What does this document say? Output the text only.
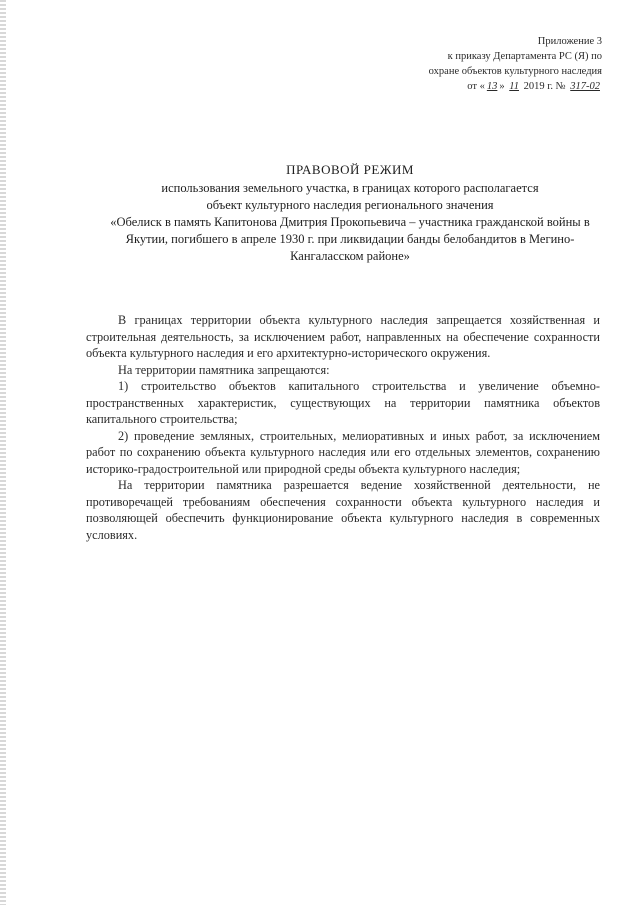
Приложение 3
к приказу Департамента РС (Я) по
охране объектов культурного наследия
от « 13 » 11 2019 г. № 317-02
ПРАВОВОЙ РЕЖИМ
использования земельного участка, в границах которого располагается
объект культурного наследия регионального значения
«Обелиск в память Капитонова Дмитрия Прокопьевича – участника гражданской войны в
Якутии, погибшего в апреле 1930 г. при ликвидации банды белобандитов в Мегино-
Кангаласском районе»

В границах территории объекта культурного наследия запрещается хозяйственная и строительная деятельность, за исключением работ, направленных на обеспечение сохранности объекта культурного наследия и его архитектурно-исторического окружения.

На территории памятника запрещаются:

1) строительство объектов капитального строительства и увеличение объемно-пространственных характеристик, существующих на территории памятника объектов капитального строительства;

2) проведение земляных, строительных, мелиоративных и иных работ, за исключением работ по сохранению объекта культурного наследия или его отдельных элементов, сохранению историко-градостроительной или природной среды объекта культурного наследия;

На территории памятника разрешается ведение хозяйственной деятельности, не противоречащей требованиям обеспечения сохранности объекта культурного наследия и позволяющей обеспечить функционирование объекта культурного наследия в современных условиях.
